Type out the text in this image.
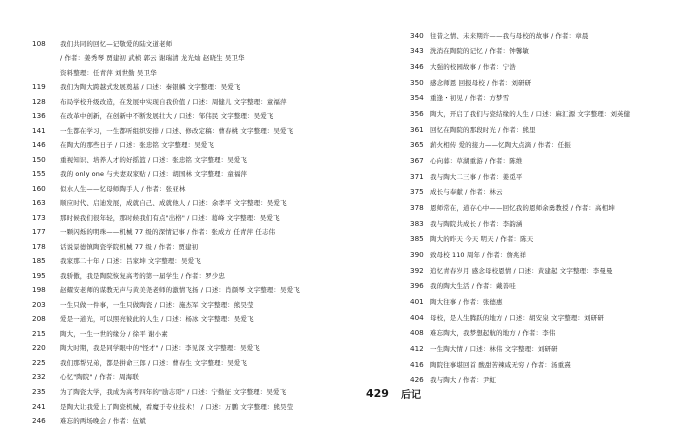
108	我们共同的回忆—记敬爱的陆文道老师
/ 作者：姜秀琴 贾建初 武桢 郭云 谢瑞清 龙光灿 赵晓生 吴卫华
资料整理：任青萍 刘世勤 吴卫华
119	我们为陶大跨越式发展奠基 / 口述：秦银麟 文字整理：吴爱飞
128	布局学校升级改造，在发展中实现自我价值 / 口述：周健儿 文字整理：童福萍
136	在改革中创新，在创新中不断发展壮大 / 口述：邹伟民 文字整理：吴爱飞
141	一生都在学习，一生都听组织安排 / 口述、修改定稿：曹春桃 文字整理：吴爱飞
146	在陶大的那些日子 / 口述：张忠铭 文字整理：吴爱飞
150	重视知识、培养人才的好摇篮 / 口述：张忠铭 文字整理：吴爱飞
155	我的 only one 与夫妻双家贴 / 口述：胡国林 文字整理：童福萍
160	似水人生——忆母师陶手人 / 作者：张亚林
163	顺应时代、启迪发展，成就自己、成就他人 / 口述：余孝平 文字整理：吴爱飞
173	那时候我们很年轻，那时候我们有点"出格" / 口述：葛峰 文字整理：吴爱飞
177	一颗闪烁的明珠——机械 77 级的深情记事 / 作者：张成方 任青萍 任志伟
178	话说景德镇陶瓷学院机械 77 级 / 作者：贾建初
185	我家那二十年 / 口述：吕家坤 文字整理：吴爱飞
195	我骄傲，我是陶院恢复高考的第一届学生 / 作者：罗少忠
198	赵耀安老师的谋教无声与黄美尧老师的激情飞扬 / 口述：肖颜琴 文字整理：吴爱飞
203	一生只做一件事，一生只做陶瓷 / 口述：施杰军 文字整理：熊昊莹
208	爱是一道光，可以照亮彼此的人生 / 口述：杨冰 文字整理：吴爱飞
215	陶大，一生一世的缘分 / 徐平 谢小素
220	陶大时期，我是同学眼中的"怪才" / 口述：李见深 文字整理：吴爱飞
225	我们那帮兄弟，都是拼命三郎 / 口述：曹春生 文字整理：吴爱飞
232	心忆"陶院" / 作者：周海联
235	为了陶瓷大学，我成为高考四年的"励志哥" / 口述：宁勤征 文字整理：吴爱飞
241	是陶大让我爱上了陶瓷机械，看魔于专业技术！ / 口述：万鹏 文字整理：熊昊莹
246	难忘的两场晚会 / 作者：伍斌
340 往昔之情、未来期许——我与母校的故事 / 作者：章晨
343 洗消在陶院的记忆 / 作者：钟馨敏
346 大强的校园故事 / 作者：宁浩
350 感念师恩 回报母校 / 作者：刘研研
354 重逢・初见 / 作者：方梦雪
356 陶大，开启了我们与瓷结缘的人生 / 口述：麻汇源 文字整理：刘英健
361 回忆在陶院的那段时光 / 作者：熊里
365 薪火相传 爱的接力——忆陶大点滴 / 作者：任振
367 心向暮：草湖重游 / 作者：陈维
371 我与陶大二三事 / 作者：姜觅平
375 成长与奉献 / 作者：林云
378 恩师常在，道存心中——回忆我的恩师余勇教授 / 作者：高相坤
383 我与陶院共成长 / 作者：李韵涵
385 陶大的昨天 今天 明天 / 作者：陈天
390 致母校 110 周年 / 作者：詹兆祥
392 追忆青春岁月 感念母校恩情 / 口述：黄建起 文字整理：李曼曼
396 我的陶大生活 / 作者：戴善哇
401 陶大往事 / 作者：张德惠
404 母校，是人生腾跃的地方 / 口述：胡安泉 文字整理：刘研研
408 难忘陶大，我梦想起航的地方 / 作者：李伟
412 一生陶大情 / 口述：林伟 文字整理：刘研研
416 陶院往事堪回首 酸甜苦辣咸无穷 / 作者：汤重熹
426 我与陶大 / 作者：尹虹
429 后记
